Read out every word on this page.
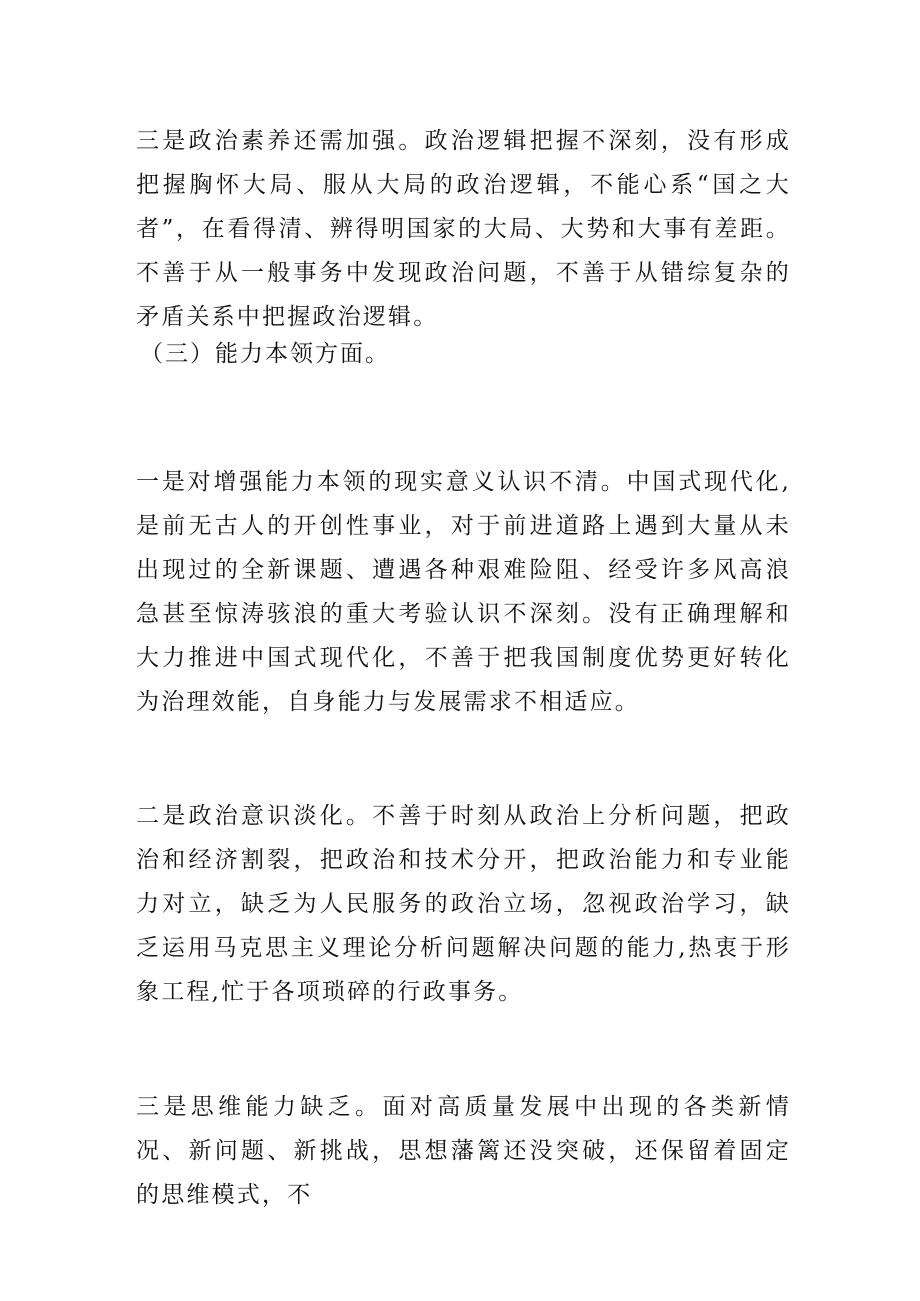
三是政治素养还需加强。政治逻辑把握不深刻，没有形成把握胸怀大局、服从大局的政治逻辑，不能心系“国之大者”，在看得清、辨得明国家的大局、大势和大事有差距。不善于从一般事务中发现政治问题，不善于从错综复杂的矛盾关系中把握政治逻辑。

（三）能力本领方面。

一是对增强能力本领的现实意义认识不清。中国式现代化,是前无古人的开创性事业，对于前进道路上遇到大量从未出现过的全新课题、遭遇各种艰难险阻、经受许多风高浪急甚至惊涛骇浪的重大考验认识不深刻。没有正确理解和大力推进中国式现代化，不善于把我国制度优势更好转化为治理效能，自身能力与发展需求不相适应。

二是政治意识淡化。不善于时刻从政治上分析问题，把政治和经济割裂，把政治和技术分开，把政治能力和专业能力对立，缺乏为人民服务的政治立场，忽视政治学习，缺乏运用马克思主义理论分析问题解决问题的能力,热衷于形象工程,忙于各项琐碎的行政事务。

三是思维能力缺乏。面对高质量发展中出现的各类新情况、新问题、新挑战，思想藩篱还没突破，还保留着固定的思维模式，不
